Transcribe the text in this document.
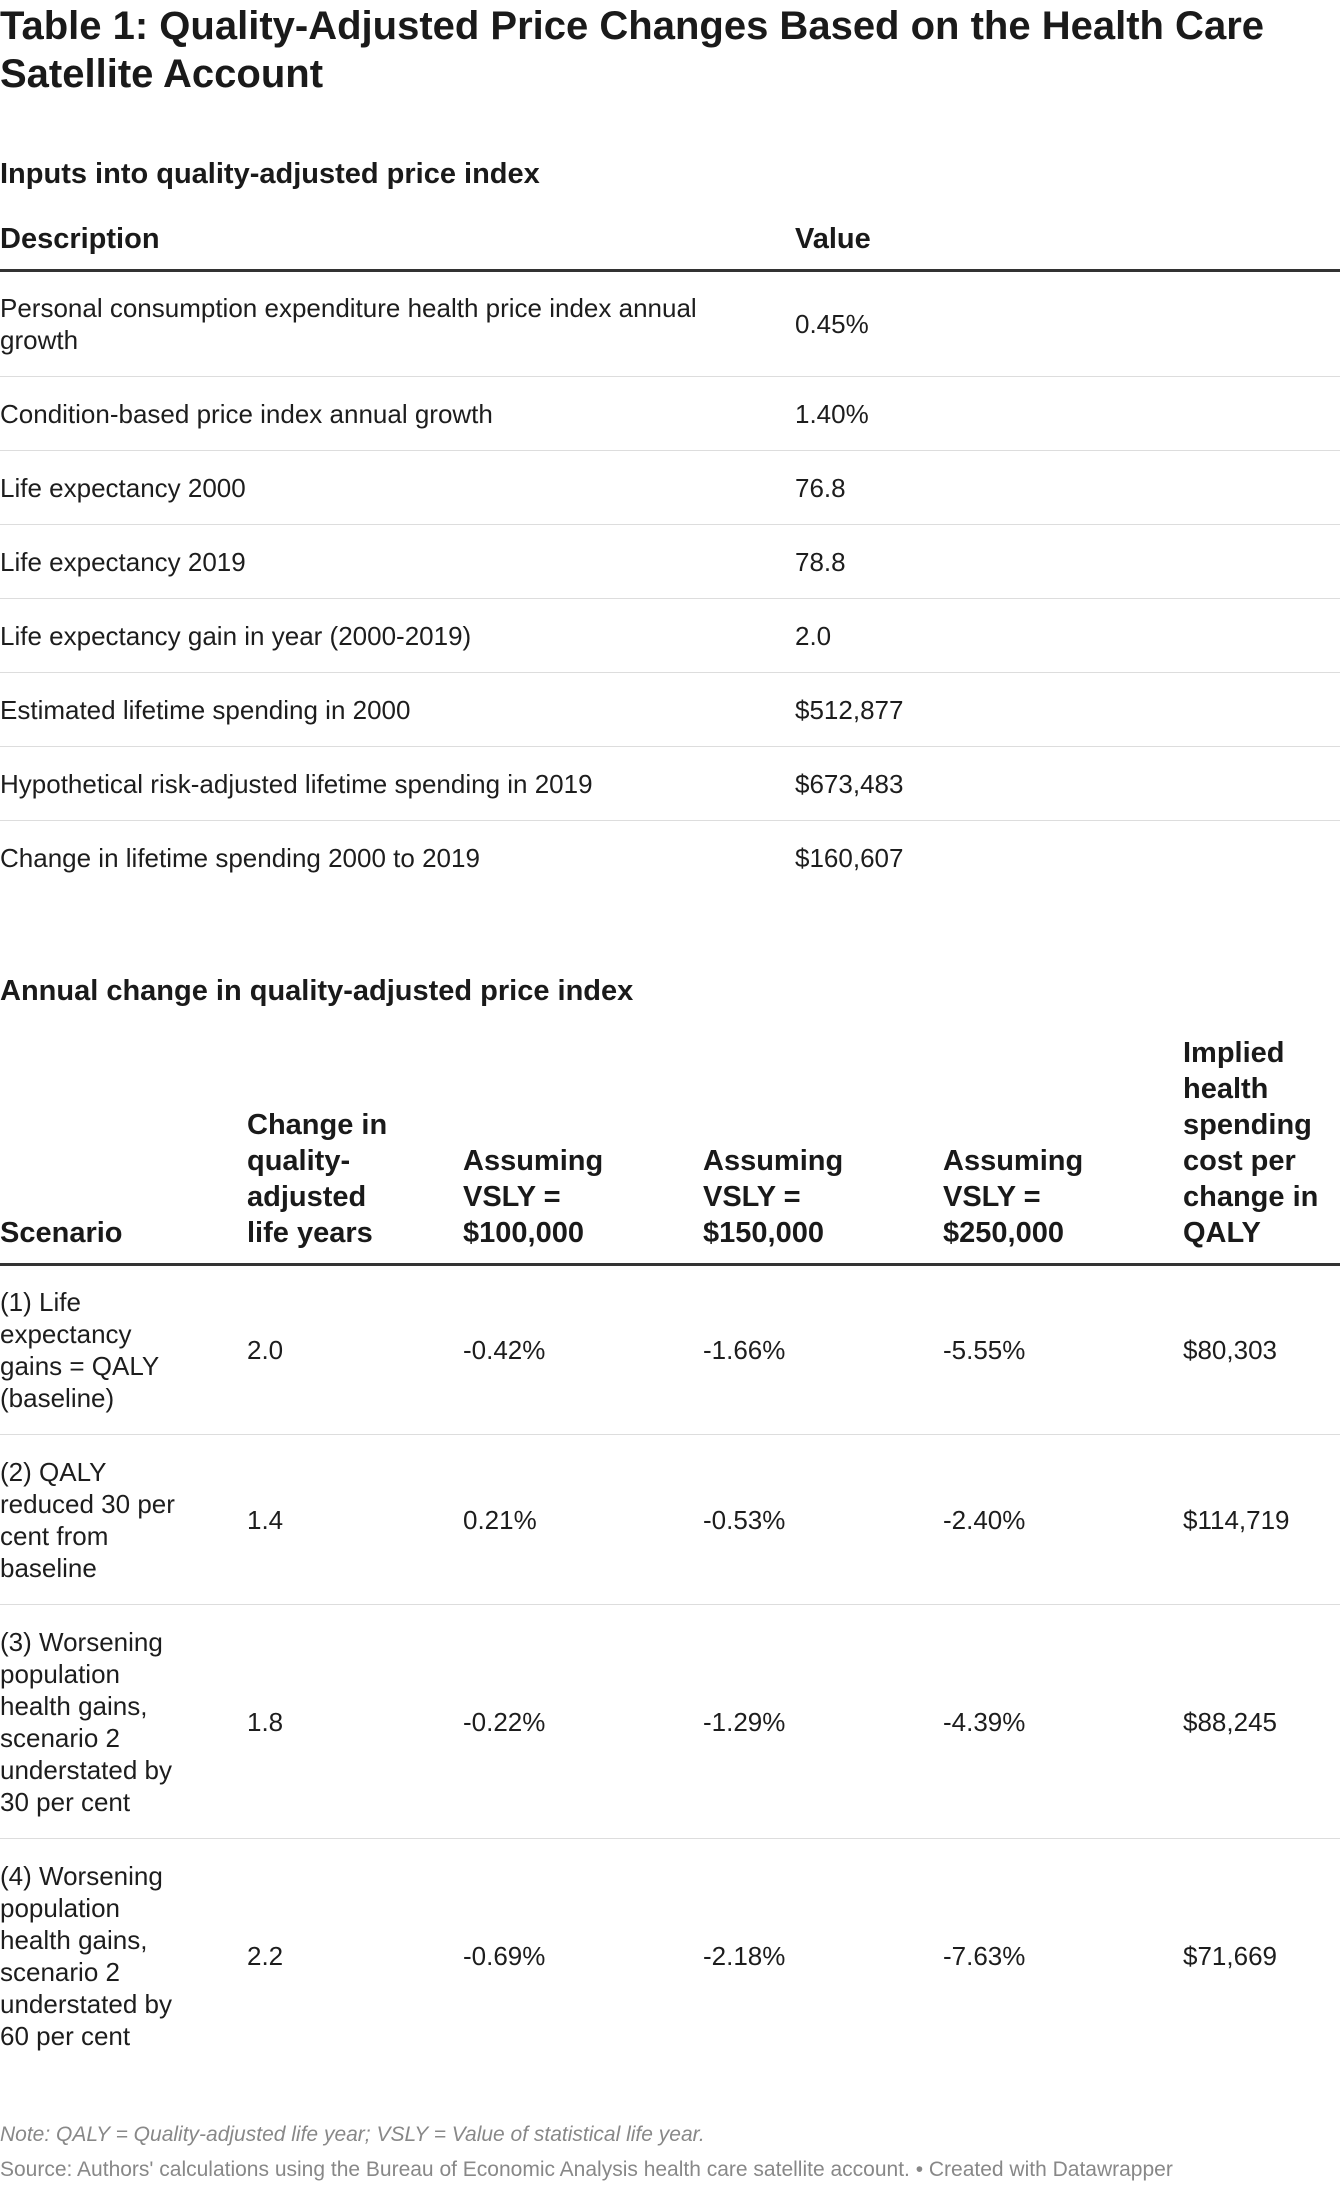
Table 1: Quality-Adjusted Price Changes Based on the Health Care Satellite Account
Inputs into quality-adjusted price index
Description	Value
Personal consumption expenditure health price index annual growth	0.45%
Condition-based price index annual growth	1.40%
Life expectancy 2000	76.8
Life expectancy 2019	78.8
Life expectancy gain in year (2000-2019)	2.0
Estimated lifetime spending in 2000	$512,877
Hypothetical risk-adjusted lifetime spending in 2019	$673,483
Change in lifetime spending 2000 to 2019	$160,607
Annual change in quality-adjusted price index
Scenario	Change in quality-adjusted life years	Assuming VSLY = $100,000	Assuming VSLY = $150,000	Assuming VSLY = $250,000	Implied health spending cost per change in QALY
(1) Life expectancy gains = QALY (baseline)	2.0	-0.42%	-1.66%	-5.55%	$80,303
(2) QALY reduced 30 per cent from baseline	1.4	0.21%	-0.53%	-2.40%	$114,719
(3) Worsening population health gains, scenario 2 understated by 30 per cent	1.8	-0.22%	-1.29%	-4.39%	$88,245
(4) Worsening population health gains, scenario 2 understated by 60 per cent	2.2	-0.69%	-2.18%	-7.63%	$71,669

Note: QALY = Quality-adjusted life year; VSLY = Value of statistical life year.

Source: Authors' calculations using the Bureau of Economic Analysis health care satellite account. • Created with Datawrapper
